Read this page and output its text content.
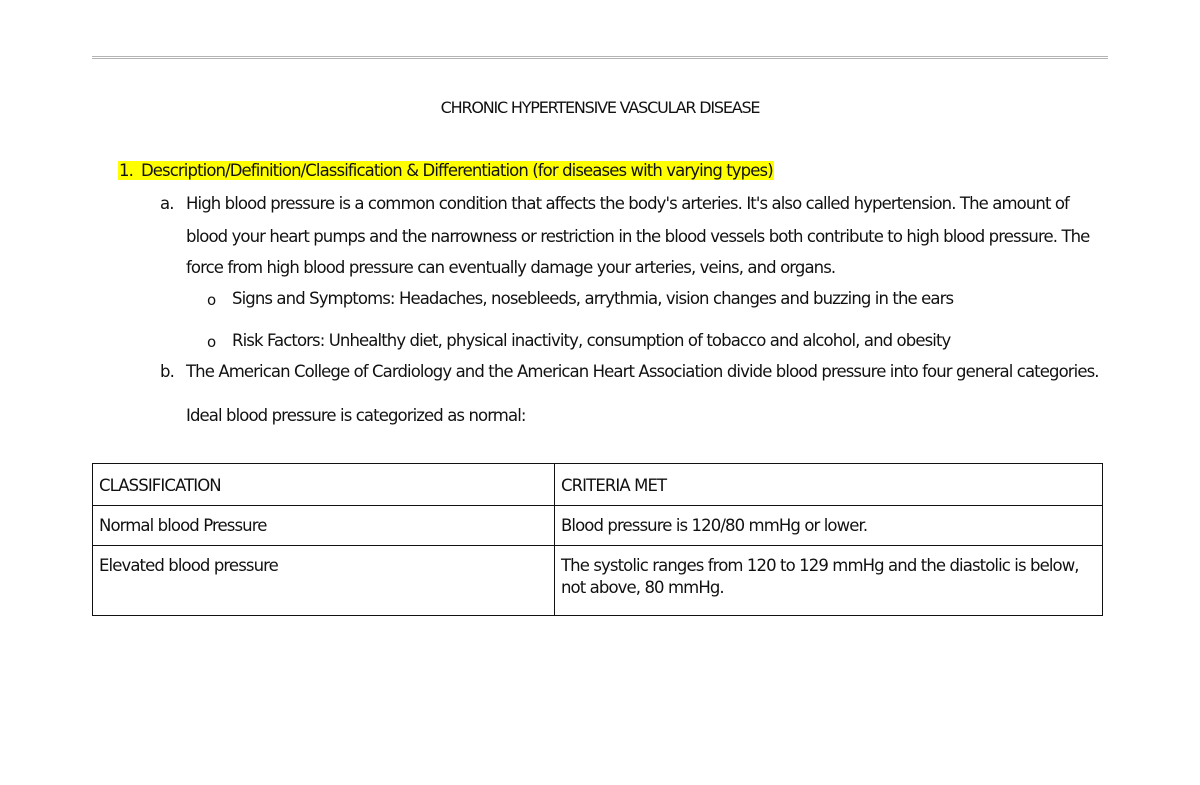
CHRONIC HYPERTENSIVE VASCULAR DISEASE
1. Description/Definition/Classification & Differentiation (for diseases with varying types)
a. High blood pressure is a common condition that affects the body's arteries. It's also called hypertension. The amount of
blood your heart pumps and the narrowness or restriction in the blood vessels both contribute to high blood pressure. The
force from high blood pressure can eventually damage your arteries, veins, and organs.
o Signs and Symptoms: Headaches, nosebleeds, arrythmia, vision changes and buzzing in the ears
o Risk Factors: Unhealthy diet, physical inactivity, consumption of tobacco and alcohol, and obesity
b. The American College of Cardiology and the American Heart Association divide blood pressure into four general categories.
Ideal blood pressure is categorized as normal:
CLASSIFICATION	CRITERIA MET
Normal blood Pressure	Blood pressure is 120/80 mmHg or lower.
Elevated blood pressure	The systolic ranges from 120 to 129 mmHg and the diastolic is below,
not above, 80 mmHg.
